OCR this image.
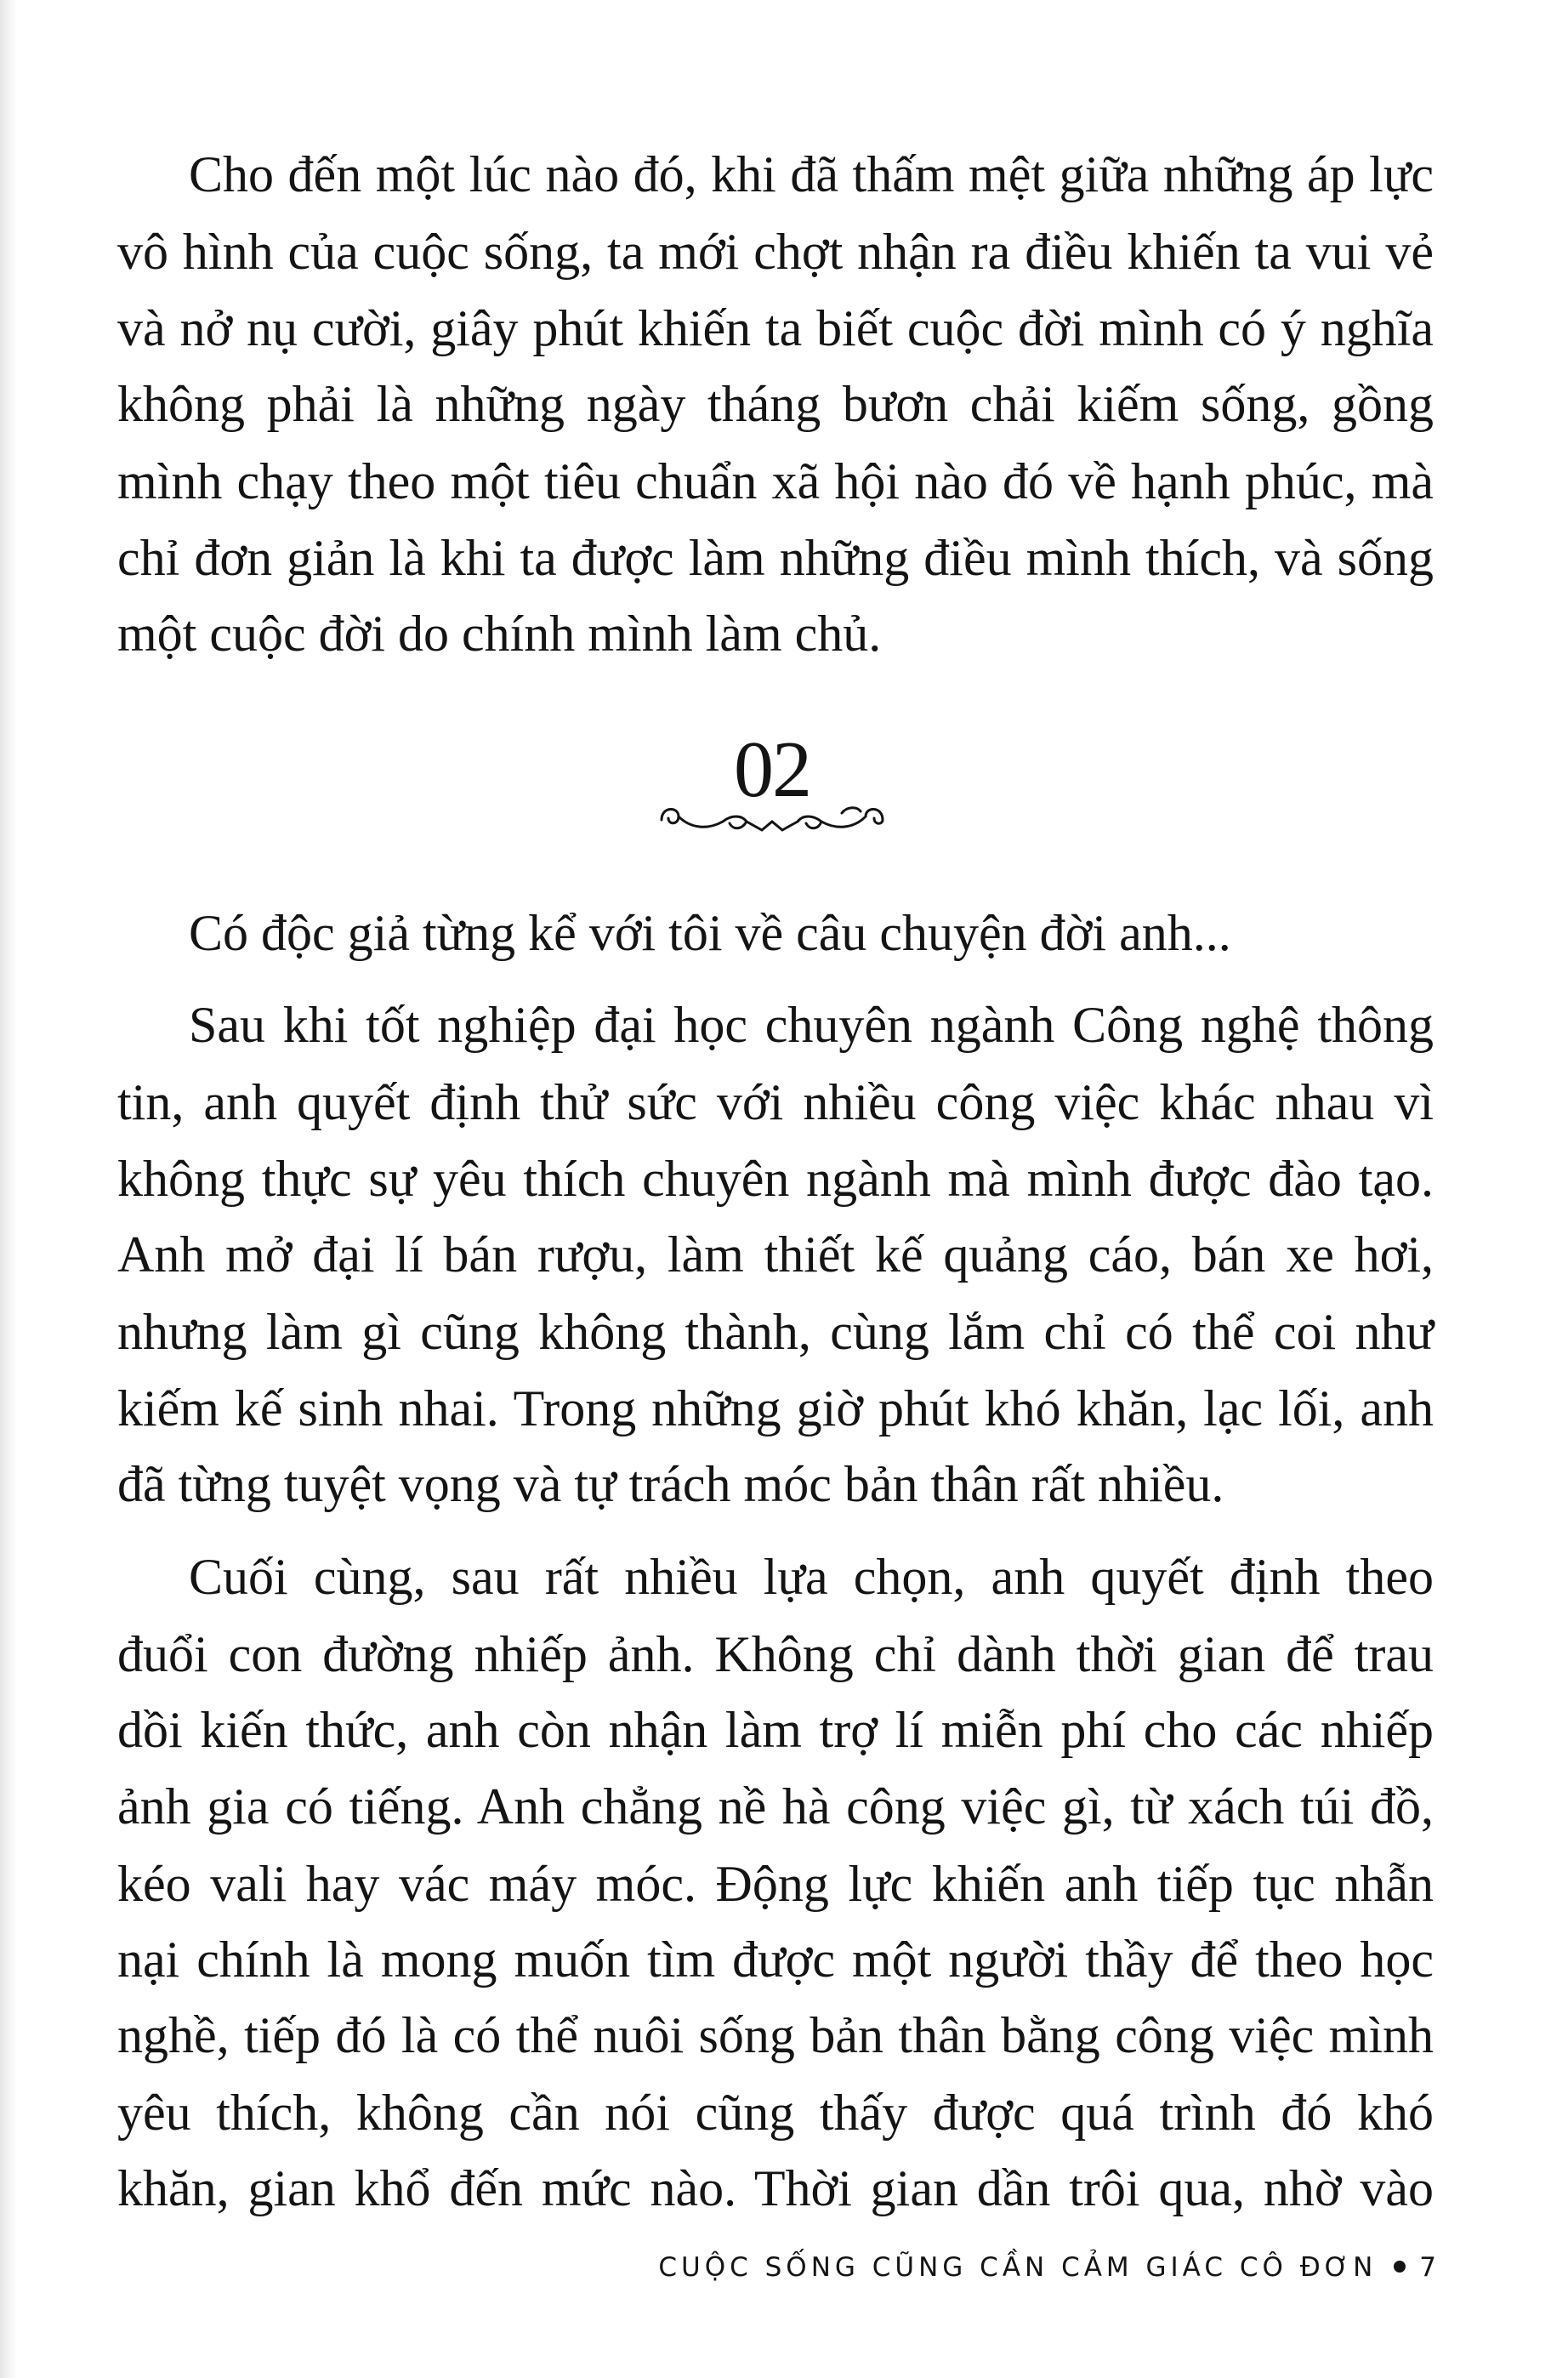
Cho đến một lúc nào đó, khi đã thấm mệt giữa những áp lực
vô hình của cuộc sống, ta mới chợt nhận ra điều khiến ta vui vẻ
và nở nụ cười, giây phút khiến ta biết cuộc đời mình có ý nghĩa
không phải là những ngày tháng bươn chải kiếm sống, gồng
mình chạy theo một tiêu chuẩn xã hội nào đó về hạnh phúc, mà
chỉ đơn giản là khi ta được làm những điều mình thích, và sống
một cuộc đời do chính mình làm chủ.
02
Có độc giả từng kể với tôi về câu chuyện đời anh...
Sau khi tốt nghiệp đại học chuyên ngành Công nghệ thông
tin, anh quyết định thử sức với nhiều công việc khác nhau vì
không thực sự yêu thích chuyên ngành mà mình được đào tạo.
Anh mở đại lí bán rượu, làm thiết kế quảng cáo, bán xe hơi,
nhưng làm gì cũng không thành, cùng lắm chỉ có thể coi như
kiếm kế sinh nhai. Trong những giờ phút khó khăn, lạc lối, anh
đã từng tuyệt vọng và tự trách móc bản thân rất nhiều.
Cuối cùng, sau rất nhiều lựa chọn, anh quyết định theo
đuổi con đường nhiếp ảnh. Không chỉ dành thời gian để trau
dồi kiến thức, anh còn nhận làm trợ lí miễn phí cho các nhiếp
ảnh gia có tiếng. Anh chẳng nề hà công việc gì, từ xách túi đồ,
kéo vali hay vác máy móc. Động lực khiến anh tiếp tục nhẫn
nại chính là mong muốn tìm được một người thầy để theo học
nghề, tiếp đó là có thể nuôi sống bản thân bằng công việc mình
yêu thích, không cần nói cũng thấy được quá trình đó khó
khăn, gian khổ đến mức nào. Thời gian dần trôi qua, nhờ vào
CUỘC SỐNG CŨNG CẦN CẢM GIÁC CÔ ĐƠN 7
